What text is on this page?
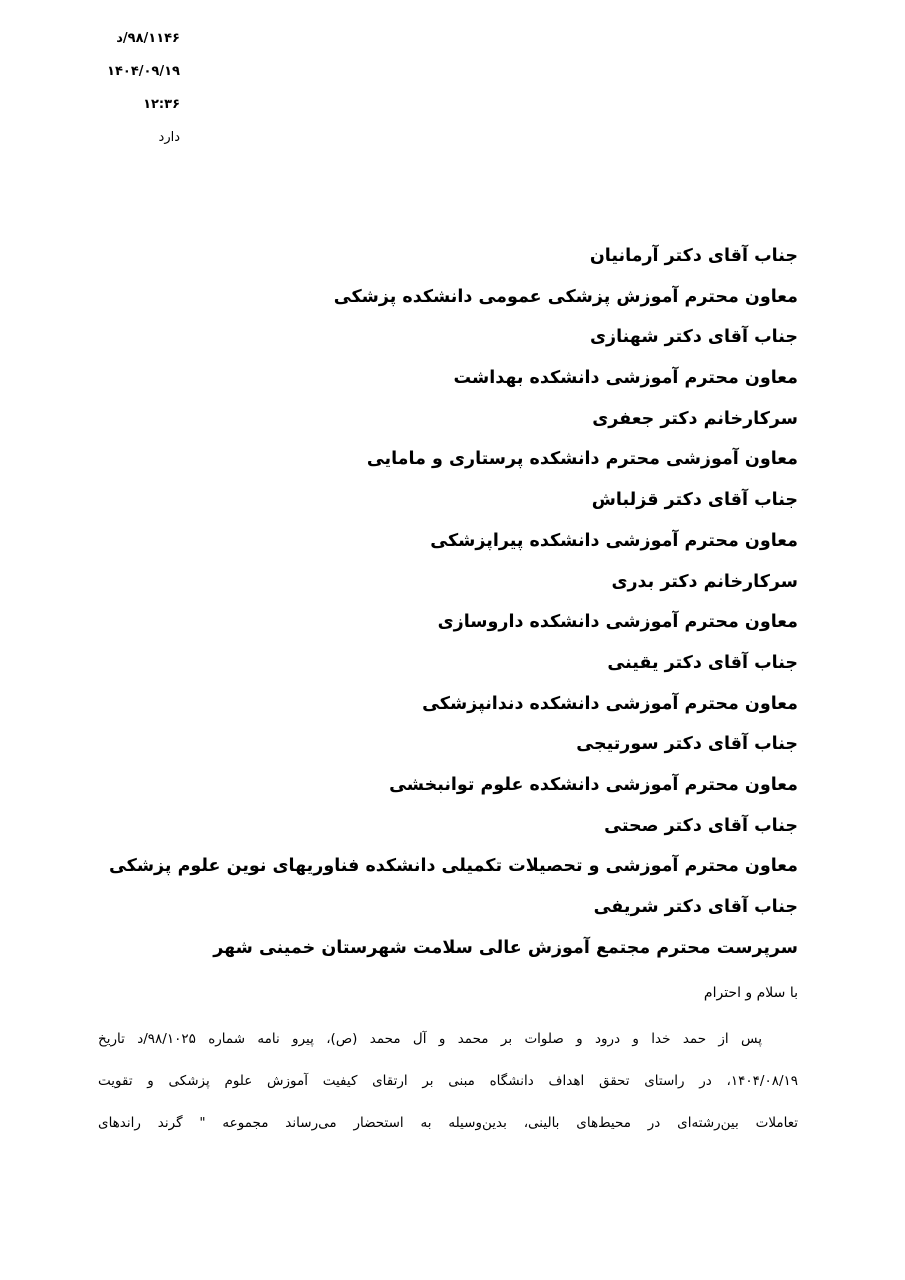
۹۸/۱۱۴۶/د
۱۴۰۴/۰۹/۱۹
۱۲:۳۶
دارد
جناب آقای دکتر آرمانیان
معاون محترم آموزش پزشکی عمومی دانشکده پزشکی
جناب آقای دکتر شهنازی
معاون محترم آموزشی دانشکده بهداشت
سرکارخانم دکتر جعفری
معاون آموزشی محترم دانشکده پرستاری و مامایی
جناب آقای دکتر قزلباش
معاون محترم آموزشی دانشکده پیراپزشکی
سرکارخانم دکتر بدری
معاون محترم آموزشی دانشکده داروسازی
جناب آقای دکتر یقینی
معاون محترم آموزشی دانشکده دندانپزشکی
جناب آقای دکتر سورتیجی
معاون محترم آموزشی دانشکده علوم توانبخشی
جناب آقای دکتر صحتی
معاون محترم آموزشی و تحصیلات تکمیلی دانشکده فناوریهای نوین علوم پزشکی
جناب آقای دکتر شریفی
سرپرست محترم مجتمع آموزش عالی سلامت شهرستان خمینی شهر
با سلام و احترام
پس از حمد خدا و درود و صلوات بر محمد و آل محمد (ص)، پیرو نامه شماره ۹۸/۱۰۲۵/د تاریخ
۱۴۰۴/۰۸/۱۹، در راستای تحقق اهداف دانشگاه مبنی بر ارتقای کیفیت آموزش علوم پزشکی و تقویت
تعاملات بین‌رشته‌ای در محیط‌های بالینی، بدین‌وسیله به استحضار می‌رساند مجموعه " گرند راندهای
